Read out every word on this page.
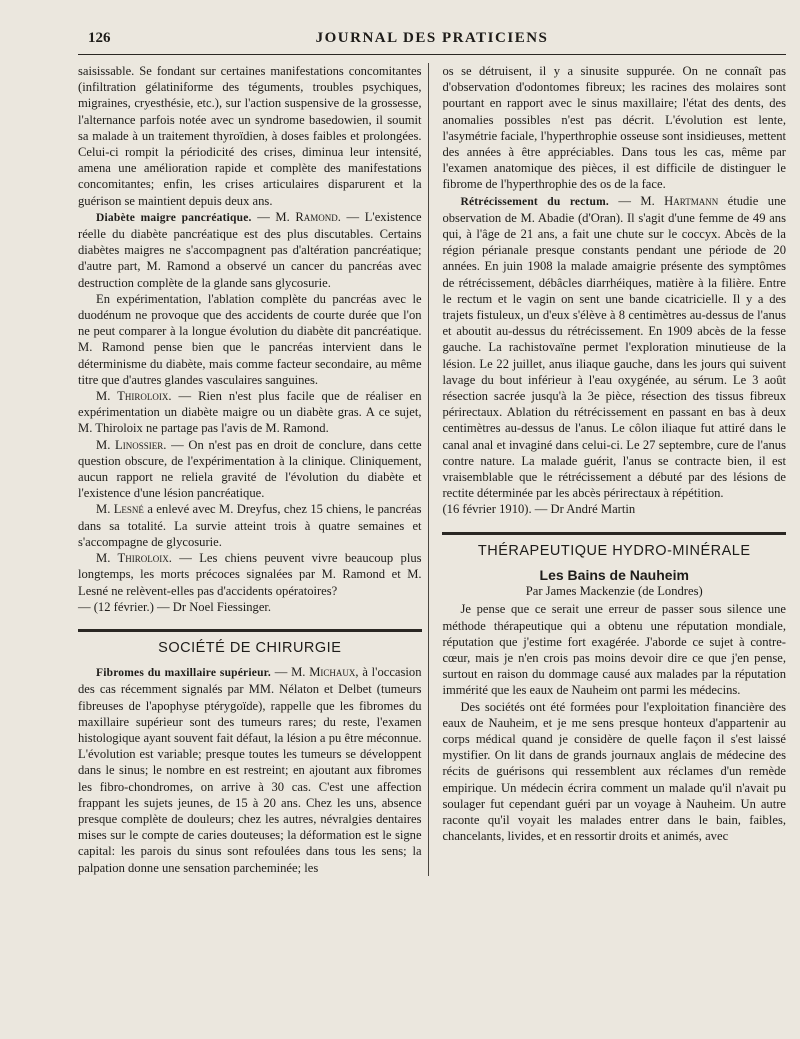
126	JOURNAL DES PRATICIENS

saisissable. Se fondant sur certaines manifestations concomitantes (infiltration gélatiniforme des téguments, troubles psychiques, migraines, cryesthésie, etc.), sur l'action suspensive de la grossesse, l'alternance parfois notée avec un syndrome basedowien, il soumit sa malade à un traitement thyroïdien, à doses faibles et prolongées. Celui-ci rompit la périodicité des crises, diminua leur intensité, amena une amélioration rapide et complète des manifestations concomitantes; enfin, les crises articulaires disparurent et la guérison se maintient depuis deux ans.

Diabète maigre pancréatique. — M. Ramond. — L'existence réelle du diabète pancréatique est des plus discutables. Certains diabètes maigres ne s'accompagnent pas d'altération pancréatique; d'autre part, M. Ramond a observé un cancer du pancréas avec destruction complète de la glande sans glycosurie.

En expérimentation, l'ablation complète du pancréas avec le duodénum ne provoque que des accidents de courte durée que l'on ne peut comparer à la longue évolution du diabète dit pancréatique. M. Ramond pense bien que le pancréas intervient dans le déterminisme du diabète, mais comme facteur secondaire, au même titre que d'autres glandes vasculaires sanguines.

M. Thiroloix. — Rien n'est plus facile que de réaliser en expérimentation un diabète maigre ou un diabète gras. A ce sujet, M. Thiroloix ne partage pas l'avis de M. Ramond.

M. Linossier. — On n'est pas en droit de conclure, dans cette question obscure, de l'expérimentation à la clinique. Cliniquement, aucun rapport ne reliela gravité de l'évolution du diabète et l'existence d'une lésion pancréatique.

M. Lesné a enlevé avec M. Dreyfus, chez 15 chiens, le pancréas dans sa totalité. La survie atteint trois à quatre semaines et s'accompagne de glycosurie.

M. Thiroloix. — Les chiens peuvent vivre beaucoup plus longtemps, les morts précoces signalées par M. Ramond et M. Lesné ne relèvent-elles pas d'accidents opératoires?

— (12 février.) — Dr Noel Fiessinger.

SOCIÉTÉ DE CHIRURGIE

Fibromes du maxillaire supérieur. — M. Michaux, à l'occasion des cas récemment signalés par MM. Nélaton et Delbet (tumeurs fibreuses de l'apophyse ptérygoïde), rappelle que les fibromes du maxillaire supérieur sont des tumeurs rares; du reste, l'examen histologique ayant souvent fait défaut, la lésion a pu être méconnue. L'évolution est variable; presque toutes les tumeurs se développent dans le sinus; le nombre en est restreint; en ajoutant aux fibromes les fibro-chondromes, on arrive à 30 cas. C'est une affection frappant les sujets jeunes, de 15 à 20 ans. Chez les uns, absence presque complète de douleurs; chez les autres, névralgies dentaires mises sur le compte de caries douteuses; la déformation est le signe capital: les parois du sinus sont refoulées dans tous les sens; la palpation donne une sensation parcheminée; les

os se détruisent, il y a sinusite suppurée. On ne connaît pas d'observation d'odontomes fibreux; les racines des molaires sont pourtant en rapport avec le sinus maxillaire; l'état des dents, des anomalies possibles n'est pas décrit. L'évolution est lente, l'asymétrie faciale, l'hyperthrophie osseuse sont insidieuses, mettent des années à être appréciables. Dans tous les cas, même par l'examen anatomique des pièces, il est difficile de distinguer le fibrome de l'hyperthrophie des os de la face.

Rétrécissement du rectum. — M. Hartmann étudie une observation de M. Abadie (d'Oran). Il s'agit d'une femme de 49 ans qui, à l'âge de 21 ans, a fait une chute sur le coccyx. Abcès de la région périanale presque constants pendant une période de 20 années. En juin 1908 la malade amaigrie présente des symptômes de rétrécissement, débâcles diarrhéiques, matière à la filière. Entre le rectum et le vagin on sent une bande cicatricielle. Il y a des trajets fistuleux, un d'eux s'élève à 8 centimètres au-dessus de l'anus et aboutit au-dessus du rétrécissement. En 1909 abcès de la fesse gauche. La rachistovaïne permet l'exploration minutieuse de la lésion. Le 22 juillet, anus iliaque gauche, dans les jours qui suivent lavage du bout inférieur à l'eau oxygénée, au sérum. Le 3 août résection sacrée jusqu'à la 3e pièce, résection des tissus fibreux périrectaux. Ablation du rétrécissement en passant en bas à deux centimètres au-dessus de l'anus. Le côlon iliaque fut attiré dans le canal anal et invaginé dans celui-ci. Le 27 septembre, cure de l'anus contre nature. La malade guérit, l'anus se contracte bien, il est vraisemblable que le rétrécissement a débuté par des lésions de rectite déterminée par les abcès périrectaux à répétition.

(16 février 1910). — Dr André Martin

THÉRAPEUTIQUE HYDRO-MINÉRALE
Les Bains de Nauheim
Par James Mackenzie (de Londres)

Je pense que ce serait une erreur de passer sous silence une méthode thérapeutique qui a obtenu une réputation mondiale, réputation que j'estime fort exagérée. J'aborde ce sujet à contre-cœur, mais je n'en crois pas moins devoir dire ce que j'en pense, surtout en raison du dommage causé aux malades par la réputation immérité que les eaux de Nauheim ont parmi les médecins.

Des sociétés ont été formées pour l'exploitation financière des eaux de Nauheim, et je me sens presque honteux d'appartenir au corps médical quand je considère de quelle façon il s'est laissé mystifier. On lit dans de grands journaux anglais de médecine des récits de guérisons qui ressemblent aux réclames d'un remède empirique. Un médecin écrira comment un malade qu'il n'avait pu soulager fut cependant guéri par un voyage à Nauheim. Un autre raconte qu'il voyait les malades entrer dans le bain, faibles, chancelants, livides, et en ressortir droits et animés, avec
